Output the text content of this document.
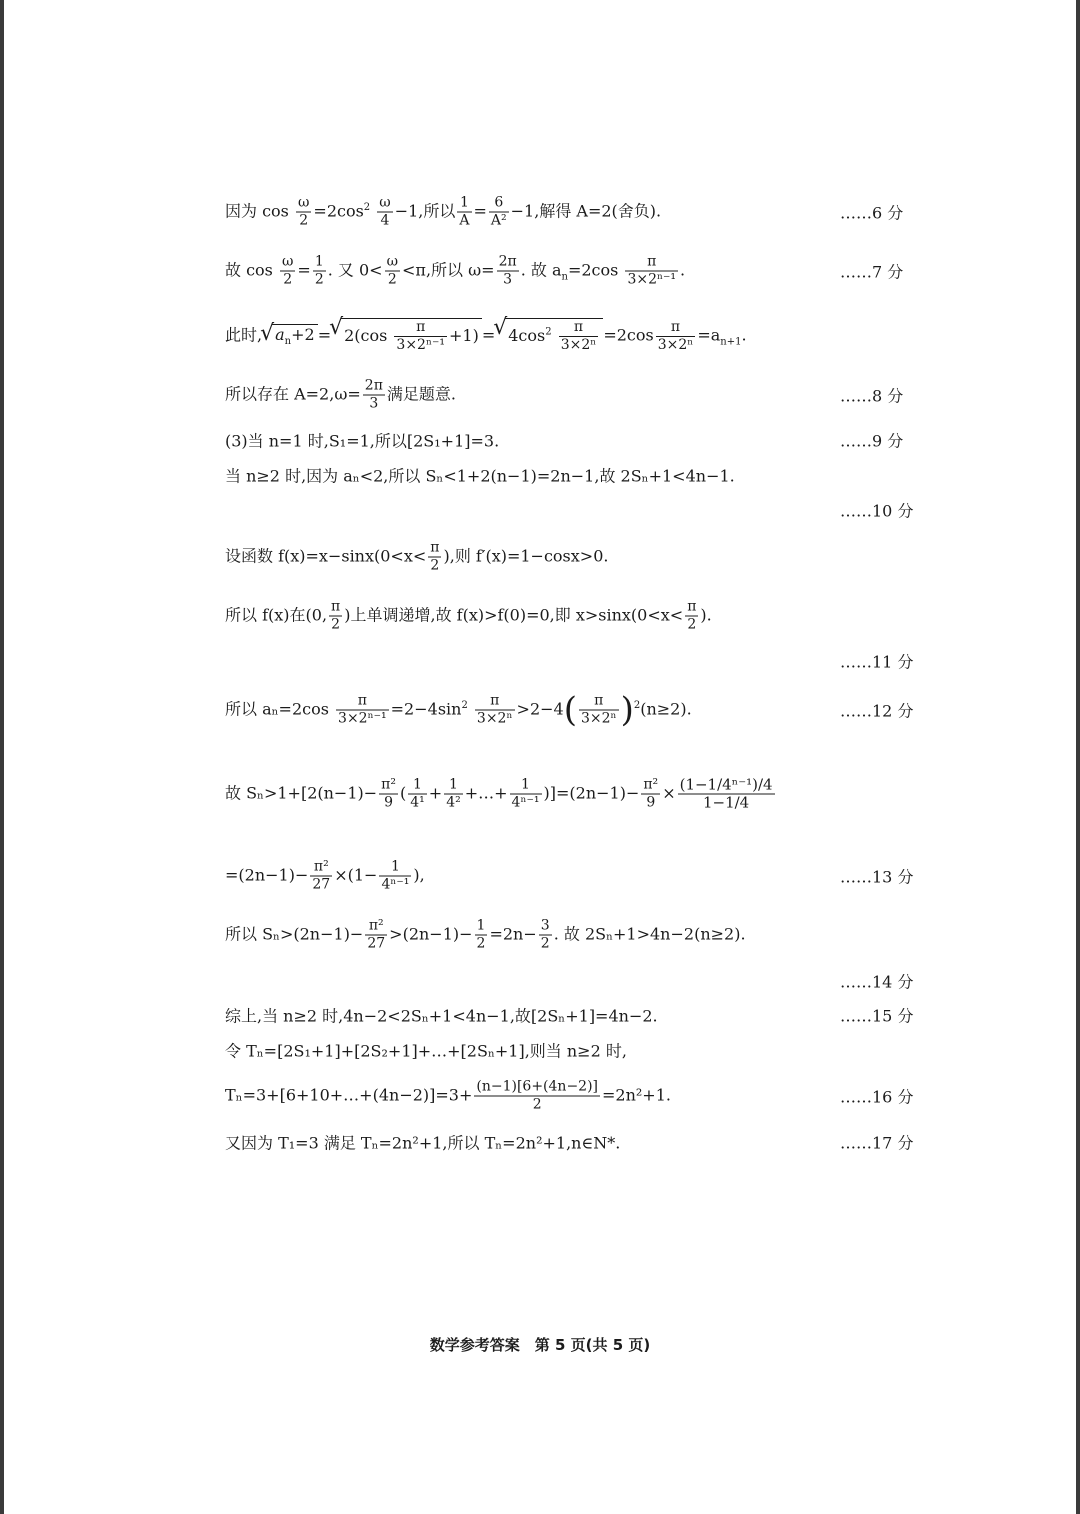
因为 $\cos \frac{\omega}{2} =2\cos^2 \frac{\omega}{4} -1$,所以 $\frac{1}{A} = \frac{6}{\text{A²}} -1$,解得 A=2(舍负).	……6 分
故 $\cos \frac{\omega}{2} = \frac{1}{2}$ . 又 $0< \frac{\omega}{2} <\pi$,所以 $\omega= \frac{2\pi}{3}$ . 故 $a_n=2\cos \frac{\pi}{\text{3×2ⁿ⁻¹}}$ .	……7 分
此时, √ $a_n+2$ = √ $2(\cos \frac{\pi}{\text{3×2ⁿ⁻¹}} +1)$ = √ $4\cos^2 \frac{\pi}{\text{3×2ⁿ}} =2\cos \frac{\pi}{\text{3×2ⁿ}} =a_{n+1}$.
所以存在 $A=2,\omega= \frac{2\pi}{3}$ 满足题意.	……8 分
(3)当 n=1 时,S₁=1,所以[2S₁+1]=3.	……9 分
当 n≥2 时,因为 aₙ<2,所以 Sₙ<1+2(n−1)=2n−1,故 2Sₙ+1<4n−1.
……10 分
设函数 $f(x)=x-\sin x(0<x< \frac{\pi}{2}$ ),则 f′(x)=1−cosx>0.
所以 f(x)在(0, $\frac{\pi}{2}$ )上单调递增,故 f(x)>f(0)=0,即 $x>\sin x(0<x< \frac{\pi}{2}$ ).
……11 分
所以 $a_n=2\cos \frac{\pi}{\text{3×2ⁿ⁻¹}} =2-4\sin^2 \frac{\pi}{\text{3×2ⁿ}} >2-4( \frac{\pi}{\text{3×2ⁿ}} )^2(n\ge 2)$.	……12 分
故 $S_n>1+[2(n-1)- \frac{\text{π²}}{9}$ ( $\frac{1}{\text{4¹}} + \frac{1}{\text{4²}}$ +…+ $\frac{1}{\text{4ⁿ⁻¹}} )]=(2n-1)- \frac{\text{π²}}{9} \times \frac{\text{(1−1/4ⁿ⁻¹)/4}}{1-1/4}$
$=(2n-1)- \frac{\text{π²}}{27} \times(1- \frac{1}{\text{4ⁿ⁻¹}}$ ),	……13 分
所以 $S_n>(2n-1)- \frac{\text{π²}}{27} >(2n-1)- \frac{1}{2} =2n- \frac{3}{2}$ . 故 2Sₙ+1>4n−2(n≥2).
……14 分
综上,当 n≥2 时,4n−2<2Sₙ+1<4n−1,故[2Sₙ+1]=4n−2.	……15 分
令 Tₙ=[2S₁+1]+[2S₂+1]+…+[2Sₙ+1],则当 n≥2 时,
Tₙ=3+[6+10+…+(4n−2)]=3+ $\frac{(n-1)[6+(4n-2)]}{2} =2n^2+1$.	……16 分
又因为 T₁=3 满足 Tₙ=2n²+1,所以 Tₙ=2n²+1,n∈N*.	……17 分
数学参考答案　第 5 页(共 5 页)
